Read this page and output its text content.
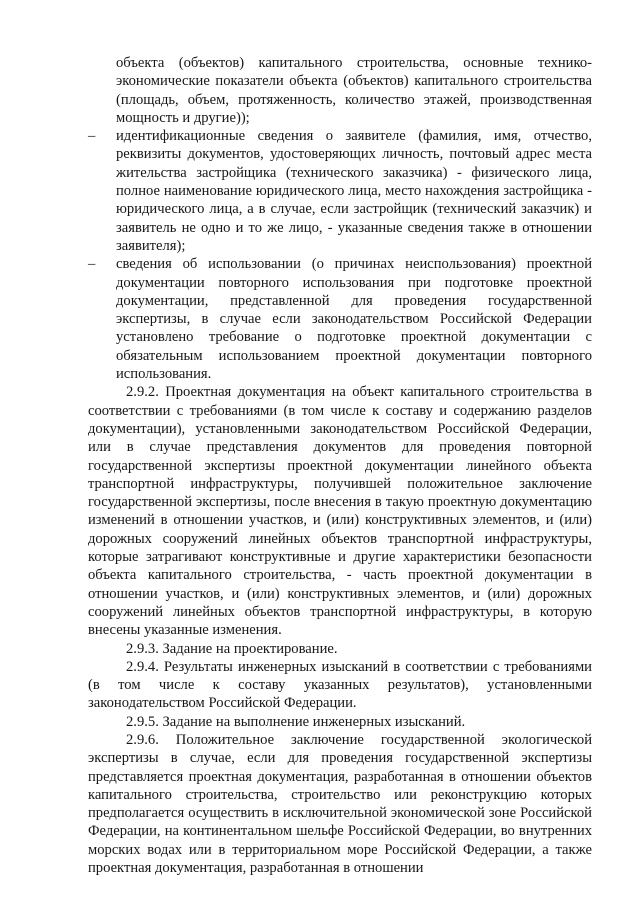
объекта (объектов) капитального строительства, основные технико-экономические показатели объекта (объектов) капитального строительства (площадь, объем, протяженность, количество этажей, производственная мощность и другие));

–	идентификационные сведения о заявителе (фамилия, имя, отчество, реквизиты документов, удостоверяющих личность, почтовый адрес места жительства застройщика (технического заказчика) - физического лица, полное наименование юридического лица, место нахождения застройщика - юридического лица, а в случае, если застройщик (технический заказчик) и заявитель не одно и то же лицо, - указанные сведения также в отношении заявителя);
–	сведения об использовании (о причинах неиспользования) проектной документации повторного использования при подготовке проектной документации, представленной для проведения государственной экспертизы, в случае если законодательством Российской Федерации установлено требование о подготовке проектной документации с обязательным использованием проектной документации повторного использования.

2.9.2. Проектная документация на объект капитального строительства в соответствии с требованиями (в том числе к составу и содержанию разделов документации), установленными законодательством Российской Федерации, или в случае представления документов для проведения повторной государственной экспертизы проектной документации линейного объекта транспортной инфраструктуры, получившей положительное заключение государственной экспертизы, после внесения в такую проектную документацию изменений в отношении участков, и (или) конструктивных элементов, и (или) дорожных сооружений линейных объектов транспортной инфраструктуры, которые затрагивают конструктивные и другие характеристики безопасности объекта капитального строительства, - часть проектной документации в отношении участков, и (или) конструктивных элементов, и (или) дорожных сооружений линейных объектов транспортной инфраструктуры, в которую внесены указанные изменения.

2.9.3. Задание на проектирование.

2.9.4. Результаты инженерных изысканий в соответствии с требованиями (в том числе к составу указанных результатов), установленными законодательством Российской Федерации.

2.9.5. Задание на выполнение инженерных изысканий.

2.9.6. Положительное заключение государственной экологической экспертизы в случае, если для проведения государственной экспертизы представляется проектная документация, разработанная в отношении объектов капитального строительства, строительство или реконструкцию которых предполагается осуществить в исключительной экономической зоне Российской Федерации, на континентальном шельфе Российской Федерации, во внутренних морских водах или в территориальном море Российской Федерации, а также проектная документация, разработанная в отношении
